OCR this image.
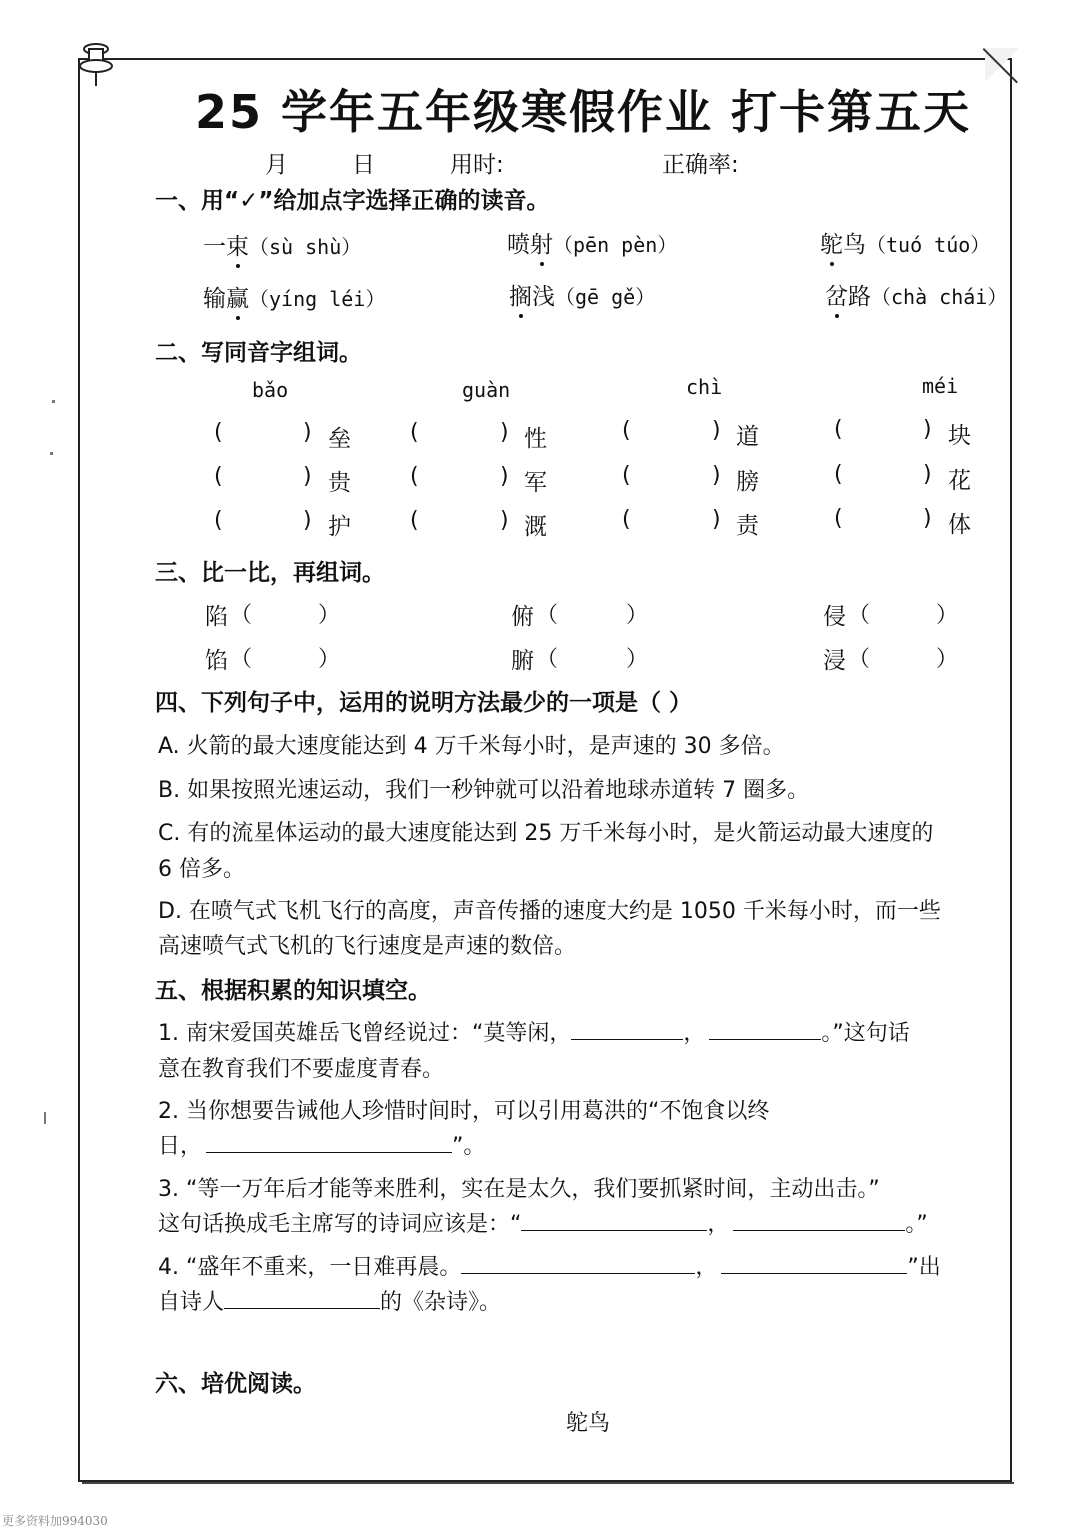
25 学年五年级寒假作业 打卡第五天
月	日	用时:	正确率:
一、用“✓”给加点字选择正确的读音。
一束（sù shù）	喷射（pēn pèn）	鸵鸟（tuó túo）
输赢（yíng léi）	搁浅（gē gě）	岔路（chà chái）
二、写同音字组词。
bǎo	guàn	chì	méi
(	) 垒	(	) 性	(	) 道	(	) 块
(	) 贵	(	) 军	(	) 膀	(	) 花
(	) 护	(	) 溉	(	) 责	(	) 体
三、比一比，再组词。
陷 （	）	俯 （	）	侵 （	）
馅 （	）	腑 （	）	浸 （	）
四、下列句子中，运用的说明方法最少的一项是（ ）
A. 火箭的最大速度能达到 4 万千米每小时，是声速的 30 多倍。
B. 如果按照光速运动，我们一秒钟就可以沿着地球赤道转 7 圈多。
C. 有的流星体运动的最大速度能达到 25 万千米每小时，是火箭运动最大速度的
6 倍多。
D. 在喷气式飞机飞行的高度，声音传播的速度大约是 1050 千米每小时，而一些
高速喷气式飞机的飞行速度是声速的数倍。
五、根据积累的知识填空。
1. 南宋爱国英雄岳飞曾经说过：“莫等闲，	，	。”这句话
意在教育我们不要虚度青春。
2. 当你想要告诫他人珍惜时间时，可以引用葛洪的“不饱食以终
日，	”。
3. “等一万年后才能等来胜利，实在是太久，我们要抓紧时间，主动出击。”
这句话换成毛主席写的诗词应该是：“	，	。”
4. “盛年不重来，一日难再晨。	，	”出
自诗人	的《杂诗》。
六、培优阅读。
鸵鸟
更多资料加994030
